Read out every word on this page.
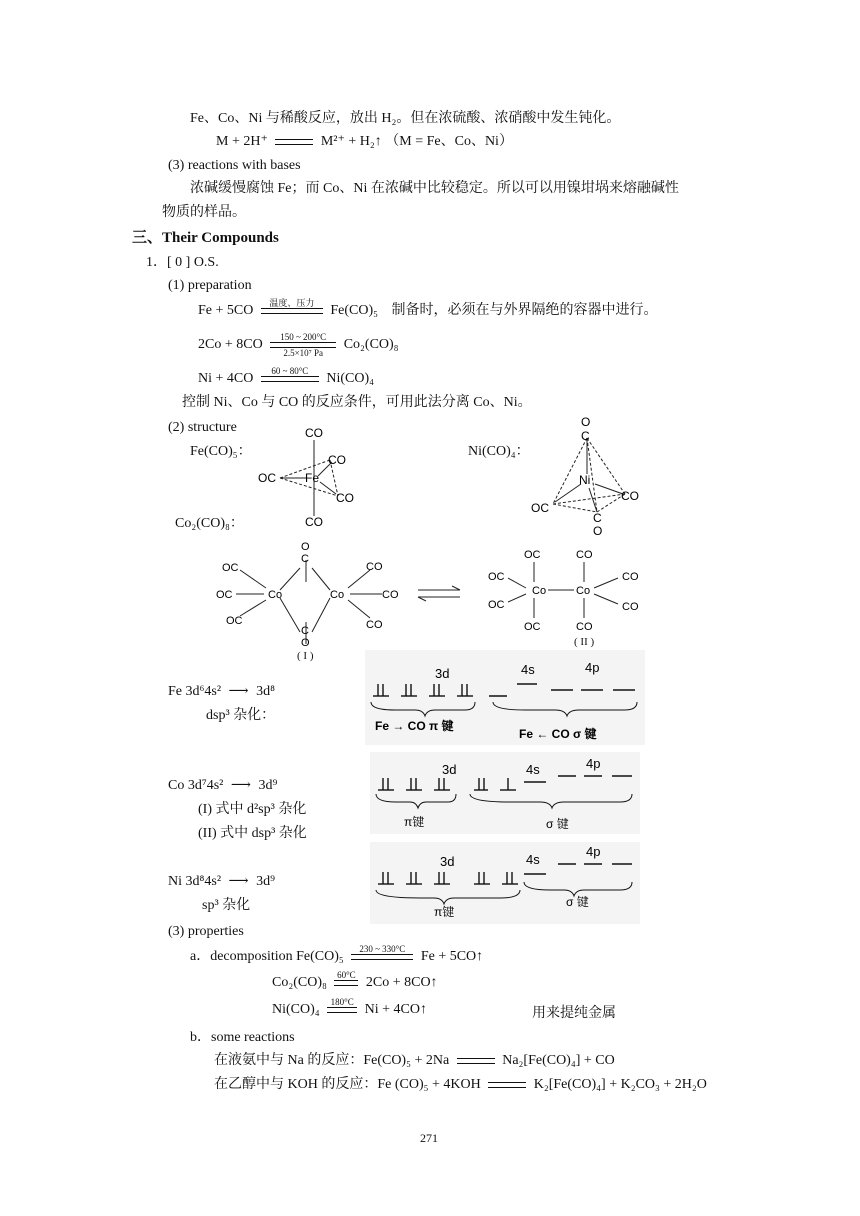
Fe、Co、Ni 与稀酸反应，放出 H₂。但在浓硫酸、浓硝酸中发生钝化。
M + 2H⁺	M²⁺ + H₂↑ （M = Fe、Co、Ni）
(3) reactions with bases
浓碱缓慢腐蚀 Fe；而 Co、Ni 在浓碱中比较稳定。所以可以用镍坩埚来熔融碱性
物质的样品。
三、Their Compounds
1．[ 0 ] O.S.
(1) preparation
Fe + 5CO
温度、压力

Fe(CO)₅ 制备时，必须在与外界隔绝的容器中进行。
2Co + 8CO
150 ~ 200°C
2.5×10⁷ Pa
Co₂(CO)₈
Ni + 4CO
60 ~ 80°C

Ni(CO)₄
控制 Ni、Co 与 CO 的反应条件，可用此法分离 Co、Ni。
(2) structure
Fe(CO)₅：	Ni(CO)₄：
Co₂(CO)₈：
CO
CO
OC Fe
CO
CO
O
C
Ni
CO
OC
C
O
O
C
OC
OC
OC
Co	Co
CO
CO
CO
C
O
( I )
OC	CO
OC
OC
Co	Co
CO
CO
OC	CO
( II )
Fe 3d⁶4s² ⟶ 3d⁸
dsp³ 杂化：
3d	4s	4p
Fe → CO π 键
Fe ← CO σ 键
Co 3d⁷4s² ⟶ 3d⁹
(I) 式中 d²sp³ 杂化
(II) 式中 dsp³ 杂化
3d	4s	4p
π键	σ 键
Ni 3d⁸4s² ⟶ 3d⁹
sp³ 杂化
3d	4s
4p
π键
σ 键
(3) properties
a．decomposition Fe(CO)₅
230 ~ 330°C

Fe + 5CO↑
Co₂(CO)₈
60°C

2Co + 8CO↑
Ni(CO)₄
180°C

Ni + 4CO↑	用来提纯金属
b．some reactions
在液氨中与 Na 的反应：Fe(CO)₅ + 2Na	Na₂[Fe(CO)₄] + CO
在乙醇中与 KOH 的反应：Fe (CO)₅ + 4KOH	K₂[Fe(CO)₄] + K₂CO₃ + 2H₂O
271
